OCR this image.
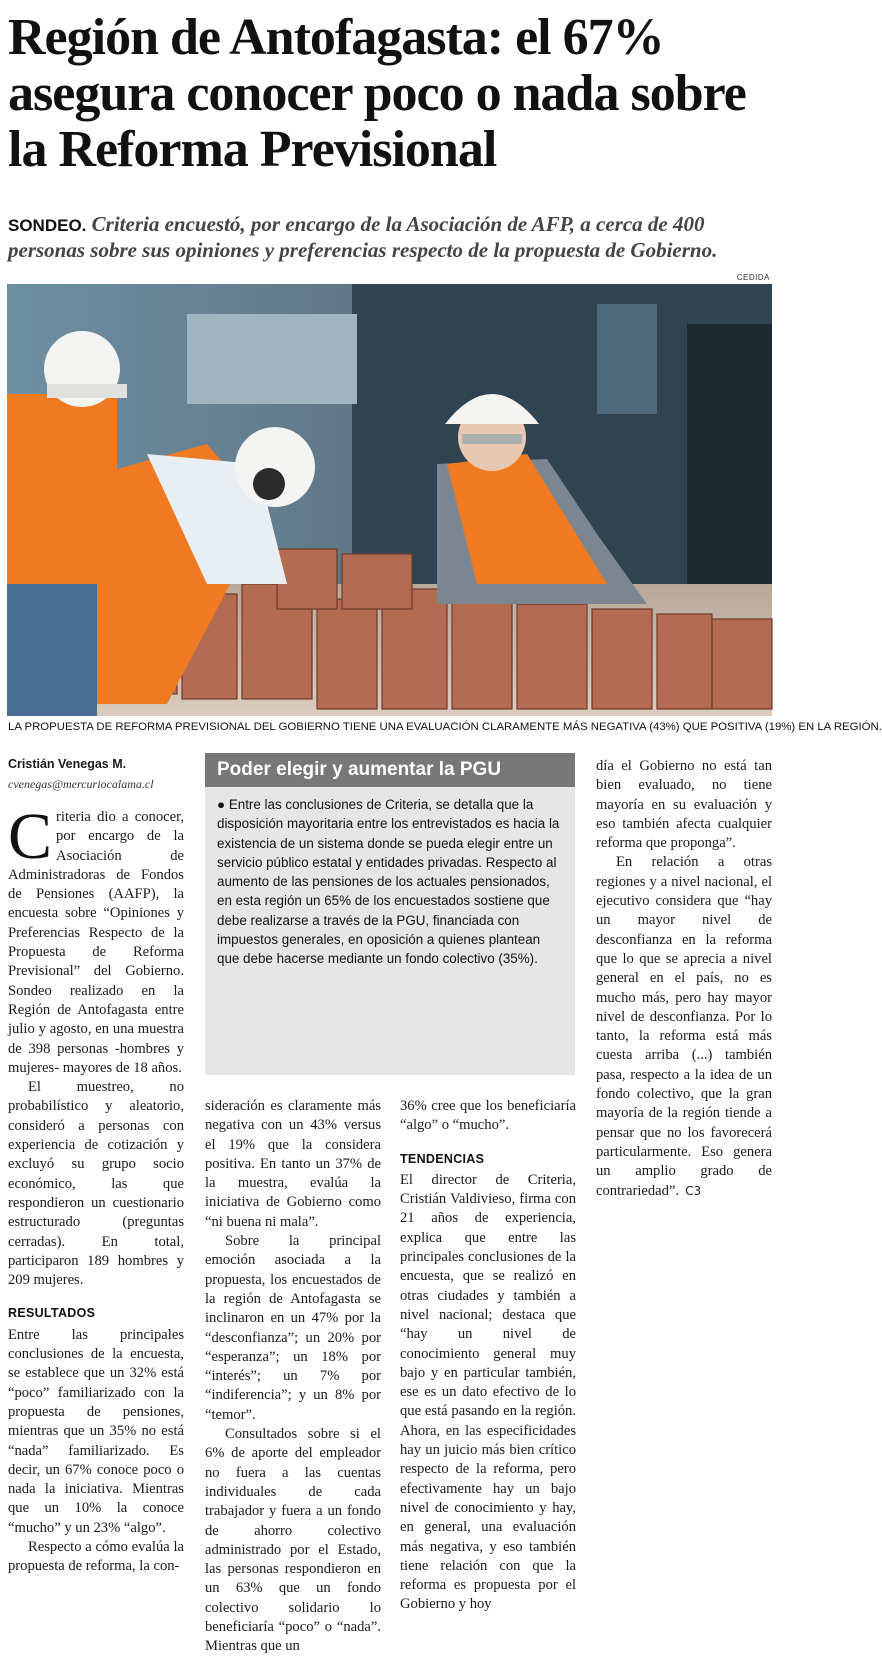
Región de Antofagasta: el 67% asegura conocer poco o nada sobre la Reforma Previsional
SONDEO. Criteria encuestó, por encargo de la Asociación de AFP, a cerca de 400 personas sobre sus opiniones y preferencias respecto de la propuesta de Gobierno.
CEDIDA
LA PROPUESTA DE REFORMA PREVISIONAL DEL GOBIERNO TIENE UNA EVALUACIÓN CLARAMENTE MÁS NEGATIVA (43%) QUE POSITIVA (19%) EN LA REGIÓN.
Cristián Venegas M.
cvenegas@mercuriocalama.cl

Criteria dio a conocer, por encargo de la Asociación de Administradoras de Fondos de Pensiones (AAFP), la encuesta sobre “Opiniones y Preferencias Respecto de la Propuesta de Reforma Previsional” del Gobierno. Sondeo realizado en la Región de Antofagasta entre julio y agosto, en una muestra de 398 personas -hombres y mujeres- mayores de 18 años.

El muestreo, no probabilístico y aleatorio, consideró a personas con experiencia de cotización y excluyó su grupo socio económico, las que respondieron un cuestionario estructurado (preguntas cerradas). En total, participaron 189 hombres y 209 mujeres.

RESULTADOS

Entre las principales conclusiones de la encuesta, se establece que un 32% está “poco” familiarizado con la propuesta de pensiones, mientras que un 35% no está “nada” familiarizado. Es decir, un 67% conoce poco o nada la iniciativa. Mientras que un 10% la conoce “mucho” y un 23% “algo”.

Respecto a cómo evalúa la propuesta de reforma, la con-

Poder elegir y aumentar la PGU
● Entre las conclusiones de Criteria, se detalla que la disposición mayoritaria entre los entrevistados es hacia la existencia de un sistema donde se pueda elegir entre un servicio público estatal y entidades privadas. Respecto al aumento de las pensiones de los actuales pensionados, en esta región un 65% de los encuestados sostiene que debe realizarse a través de la PGU, financiada con impuestos generales, en oposición a quienes plantean que debe hacerse mediante un fondo colectivo (35%).

sideración es claramente más negativa con un 43% versus el 19% que la considera positiva. En tanto un 37% de la muestra, evalúa la iniciativa de Gobierno como “ni buena ni mala”.

Sobre la principal emoción asociada a la propuesta, los encuestados de la región de Antofagasta se inclinaron en un 47% por la “desconfianza”; un 20% por “esperanza”; un 18% por “interés”; un 7% por “indiferencia”; y un 8% por “temor”.

Consultados sobre si el 6% de aporte del empleador no fuera a las cuentas individuales de cada trabajador y fuera a un fondo de ahorro colectivo administrado por el Estado, las personas respondieron en un 63% que un fondo colectivo solidario lo beneficiaría “poco” o “nada”. Mientras que un

36% cree que los beneficiaría “algo” o “mucho”.

TENDENCIAS

El director de Criteria, Cristián Valdivieso, firma con 21 años de experiencia, explica que entre las principales conclusiones de la encuesta, que se realizó en otras ciudades y también a nivel nacional; destaca que “hay un nivel de conocimiento general muy bajo y en particular también, ese es un dato efectivo de lo que está pasando en la región. Ahora, en las especificidades hay un juicio más bien crítico respecto de la reforma, pero efectivamente hay un bajo nivel de conocimiento y hay, en general, una evaluación más negativa, y eso también tiene relación con que la reforma es propuesta por el Gobierno y hoy

día el Gobierno no está tan bien evaluado, no tiene mayoría en su evaluación y eso también afecta cualquier reforma que proponga”.

En relación a otras regiones y a nivel nacional, el ejecutivo considera que “hay un mayor nivel de desconfianza en la reforma que lo que se aprecia a nivel general en el país, no es mucho más, pero hay mayor nivel de desconfianza. Por lo tanto, la reforma está más cuesta arriba (...) también pasa, respecto a la idea de un fondo colectivo, que la gran mayoría de la región tiende a pensar que no los favorecerá particularmente. Eso genera un amplio grado de contrariedad”. C3
